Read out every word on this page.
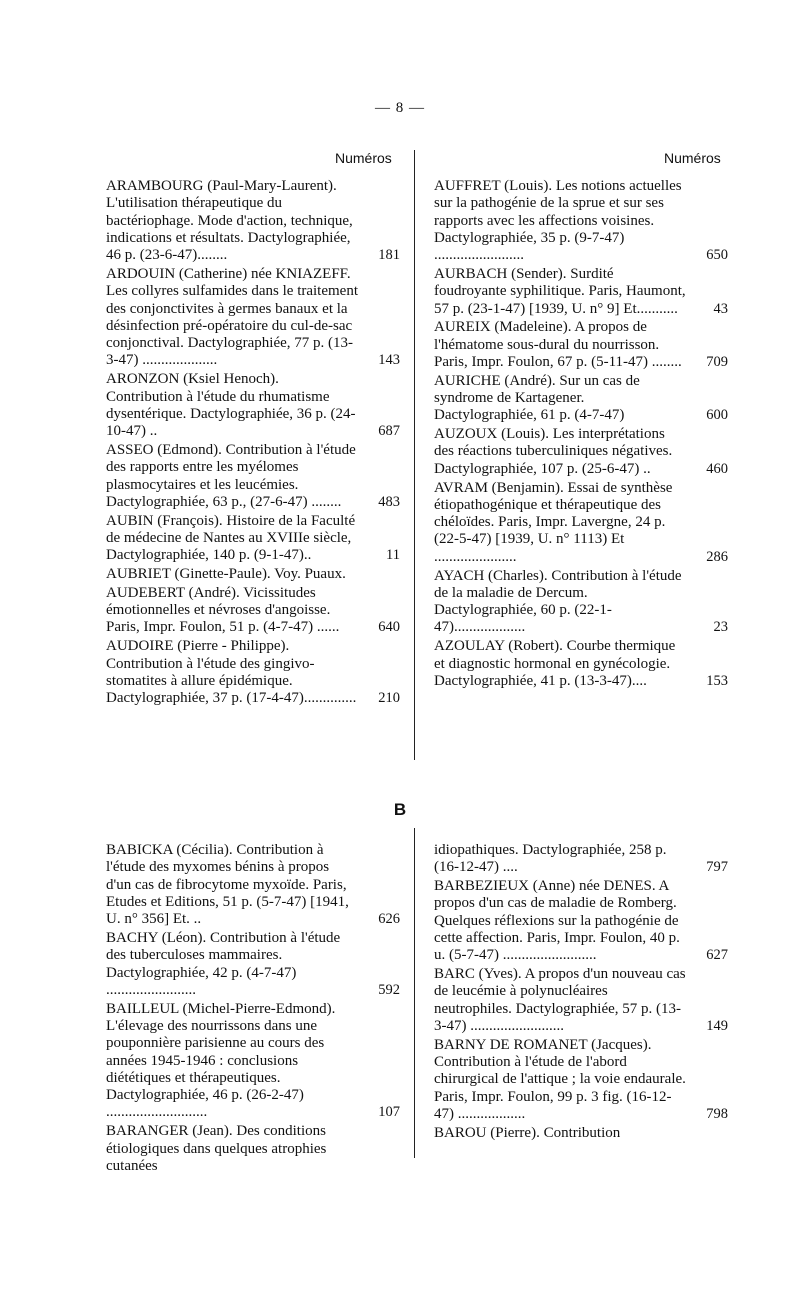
— 8 —
Numéros	Numéros
ARAMBOURG (Paul-Mary-Laurent). L'utilisation thérapeutique du bactériophage. Mode d'action, technique, indications et résultats. Dactylographiée, 46 p. (23-6-47)........	181
ARDOUIN (Catherine) née KNIAZEFF. Les collyres sulfamides dans le traitement des conjonctivites à germes banaux et la désinfection pré-opératoire du cul-de-sac conjonctival. Dactylographiée, 77 p. (13-3-47) ....................	143
ARONZON (Ksiel Henoch). Contribution à l'étude du rhumatisme dysentérique. Dactylographiée, 36 p. (24-10-47) ..	687
ASSEO (Edmond). Contribution à l'étude des rapports entre les myélomes plasmocytaires et les leucémies. Dactylographiée, 63 p., (27-6-47) ........	483
AUBIN (François). Histoire de la Faculté de médecine de Nantes au XVIIIe siècle, Dactylographiée, 140 p. (9-1-47)..	11
AUBRIET (Ginette-Paule). Voy. Puaux.
AUDEBERT (André). Vicissitudes émotionnelles et névroses d'angoisse. Paris, Impr. Foulon, 51 p. (4-7-47) ......	640
AUDOIRE (Pierre - Philippe). Contribution à l'étude des gingivo-stomatites à allure épidémique. Dactylographiée, 37 p. (17-4-47)..............	210
AUFFRET (Louis). Les notions actuelles sur la pathogénie de la sprue et sur ses rapports avec les affections voisines. Dactylographiée, 35 p. (9-7-47) ........................	650
AURBACH (Sender). Surdité foudroyante syphilitique. Paris, Haumont, 57 p. (23-1-47) [1939, U. n° 9] Et...........	43
AUREIX (Madeleine). A propos de l'hématome sous-dural du nourrisson. Paris, Impr. Foulon, 67 p. (5-11-47) ........	709
AURICHE (André). Sur un cas de syndrome de Kartagener. Dactylographiée, 61 p. (4-7-47)	600
AUZOUX (Louis). Les interprétations des réactions tuberculiniques négatives. Dactylographiée, 107 p. (25-6-47) ..	460
AVRAM (Benjamin). Essai de synthèse étiopathogénique et thérapeutique des chéloïdes. Paris, Impr. Lavergne, 24 p. (22-5-47) [1939, U. n° 1113) Et ......................	286
AYACH (Charles). Contribution à l'étude de la maladie de Dercum. Dactylographiée, 60 p. (22-1-47)...................	23
AZOULAY (Robert). Courbe thermique et diagnostic hormonal en gynécologie. Dactylographiée, 41 p. (13-3-47)....	153
B
BABICKA (Cécilia). Contribution à l'étude des myxomes bénins à propos d'un cas de fibrocytome myxoïde. Paris, Etudes et Editions, 51 p. (5-7-47) [1941, U. n° 356] Et. ..	626
BACHY (Léon). Contribution à l'étude des tuberculoses mammaires. Dactylographiée, 42 p. (4-7-47) ........................	592
BAILLEUL (Michel-Pierre-Edmond). L'élevage des nourrissons dans une pouponnière parisienne au cours des années 1945-1946 : conclusions diététiques et thérapeutiques. Dactylographiée, 46 p. (26-2-47) ...........................	107
BARANGER (Jean). Des conditions étiologiques dans quelques atrophies cutanées
idiopathiques. Dactylographiée, 258 p. (16-12-47) ....	797
BARBEZIEUX (Anne) née DENES. A propos d'un cas de maladie de Romberg. Quelques réflexions sur la pathogénie de cette affection. Paris, Impr. Foulon, 40 p. u. (5-7-47) .........................	627
BARC (Yves). A propos d'un nouveau cas de leucémie à polynucléaires neutrophiles. Dactylographiée, 57 p. (13-3-47) .........................	149
BARNY DE ROMANET (Jacques). Contribution à l'étude de l'abord chirurgical de l'attique ; la voie endaurale. Paris, Impr. Foulon, 99 p. 3 fig. (16-12-47) ..................	798
BAROU (Pierre). Contribution
